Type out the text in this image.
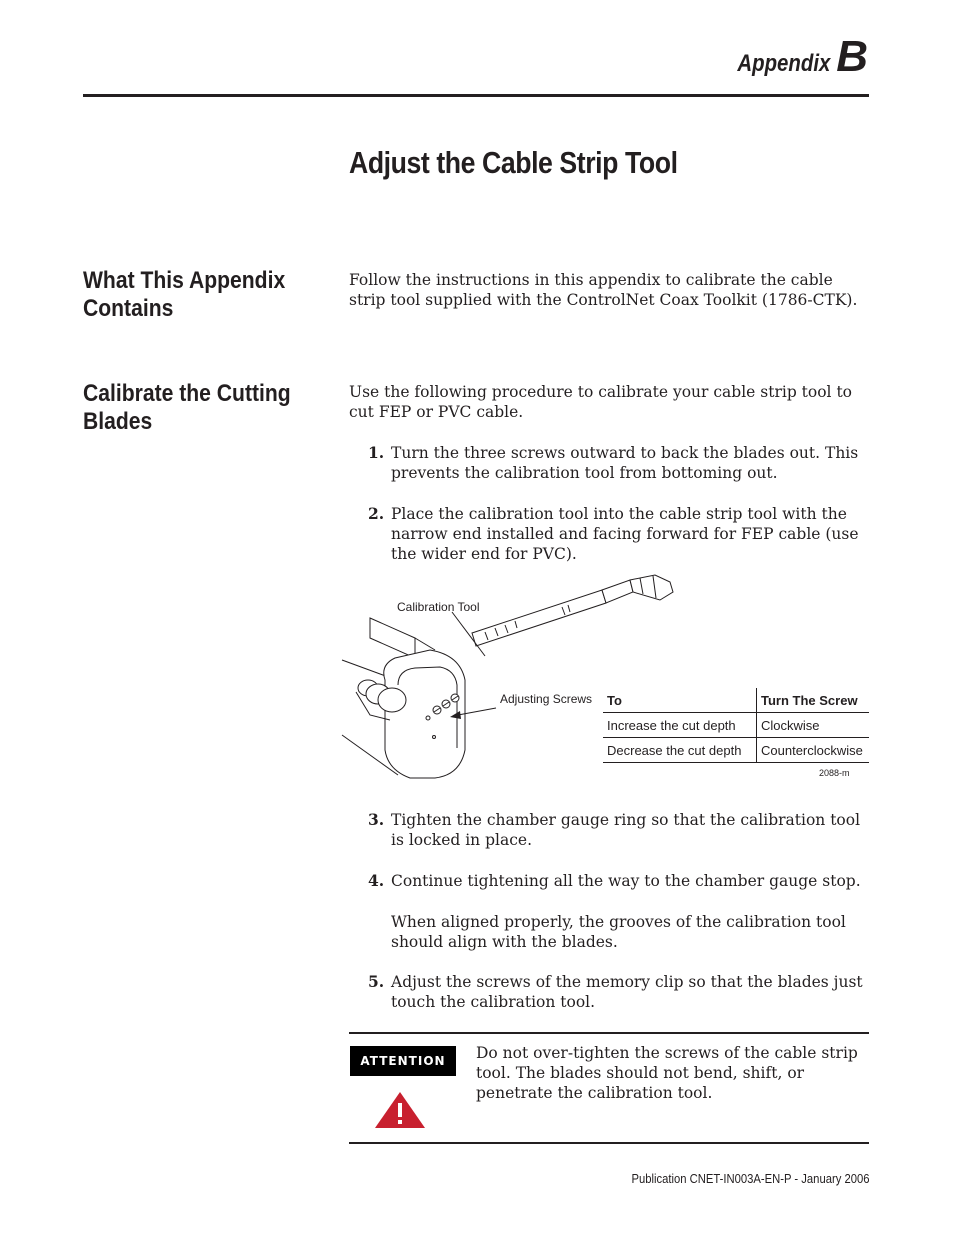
Appendix B
Adjust the Cable Strip Tool
What This Appendix Contains
Follow the instructions in this appendix to calibrate the cable strip tool supplied with the ControlNet Coax Toolkit (1786-CTK).
Calibrate the Cutting Blades
Use the following procedure to calibrate your cable strip tool to cut FEP or PVC cable.
1. Turn the three screws outward to back the blades out. This prevents the calibration tool from bottoming out.
2. Place the calibration tool into the cable strip tool with the narrow end installed and facing forward for FEP cable (use the wider end for PVC).
Calibration Tool
Adjusting Screws To	Turn The Screw
Increase the cut depth	Clockwise
Decrease the cut depth	Counterclockwise
2088-m
3. Tighten the chamber gauge ring so that the calibration tool is locked in place.
4. Continue tightening all the way to the chamber gauge stop.
When aligned properly, the grooves of the calibration tool should align with the blades.
5. Adjust the screws of the memory clip so that the blades just touch the calibration tool.
ATTENTION	Do not over-tighten the screws of the cable strip tool. The blades should not bend, shift, or penetrate the calibration tool.
Publication CNET-IN003A-EN-P - January 2006
